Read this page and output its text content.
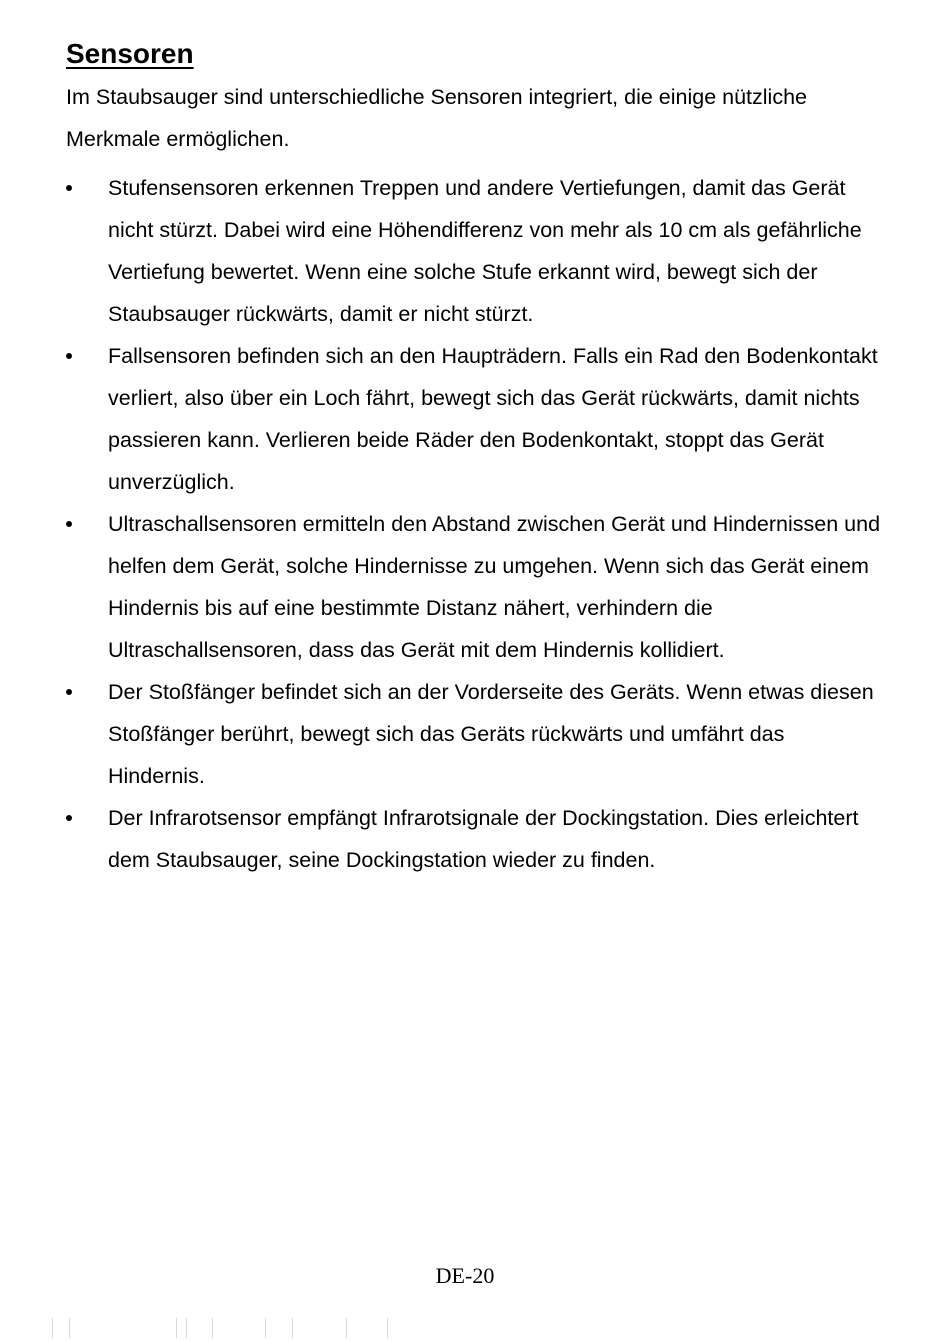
Sensoren

Im Staubsauger sind unterschiedliche Sensoren integriert, die einige nützliche Merkmale ermöglichen.

Stufensensoren erkennen Treppen und andere Vertiefungen, damit das Gerät nicht stürzt. Dabei wird eine Höhendifferenz von mehr als 10 cm als gefährliche Vertiefung bewertet. Wenn eine solche Stufe erkannt wird, bewegt sich der Staubsauger rückwärts, damit er nicht stürzt.
Fallsensoren befinden sich an den Haupträdern. Falls ein Rad den Bodenkontakt verliert, also über ein Loch fährt, bewegt sich das Gerät rückwärts, damit nichts passieren kann. Verlieren beide Räder den Bodenkontakt, stoppt das Gerät unverzüglich.
Ultraschallsensoren ermitteln den Abstand zwischen Gerät und Hindernissen und helfen dem Gerät, solche Hindernisse zu umgehen. Wenn sich das Gerät einem Hindernis bis auf eine bestimmte Distanz nähert, verhindern die Ultraschallsensoren, dass das Gerät mit dem Hindernis kollidiert.
Der Stoßfänger befindet sich an der Vorderseite des Geräts. Wenn etwas diesen Stoßfänger berührt, bewegt sich das Geräts rückwärts und umfährt das Hindernis.
Der Infrarotsensor empfängt Infrarotsignale der Dockingstation. Dies erleichtert dem Staubsauger, seine Dockingstation wieder zu finden.
DE-20
